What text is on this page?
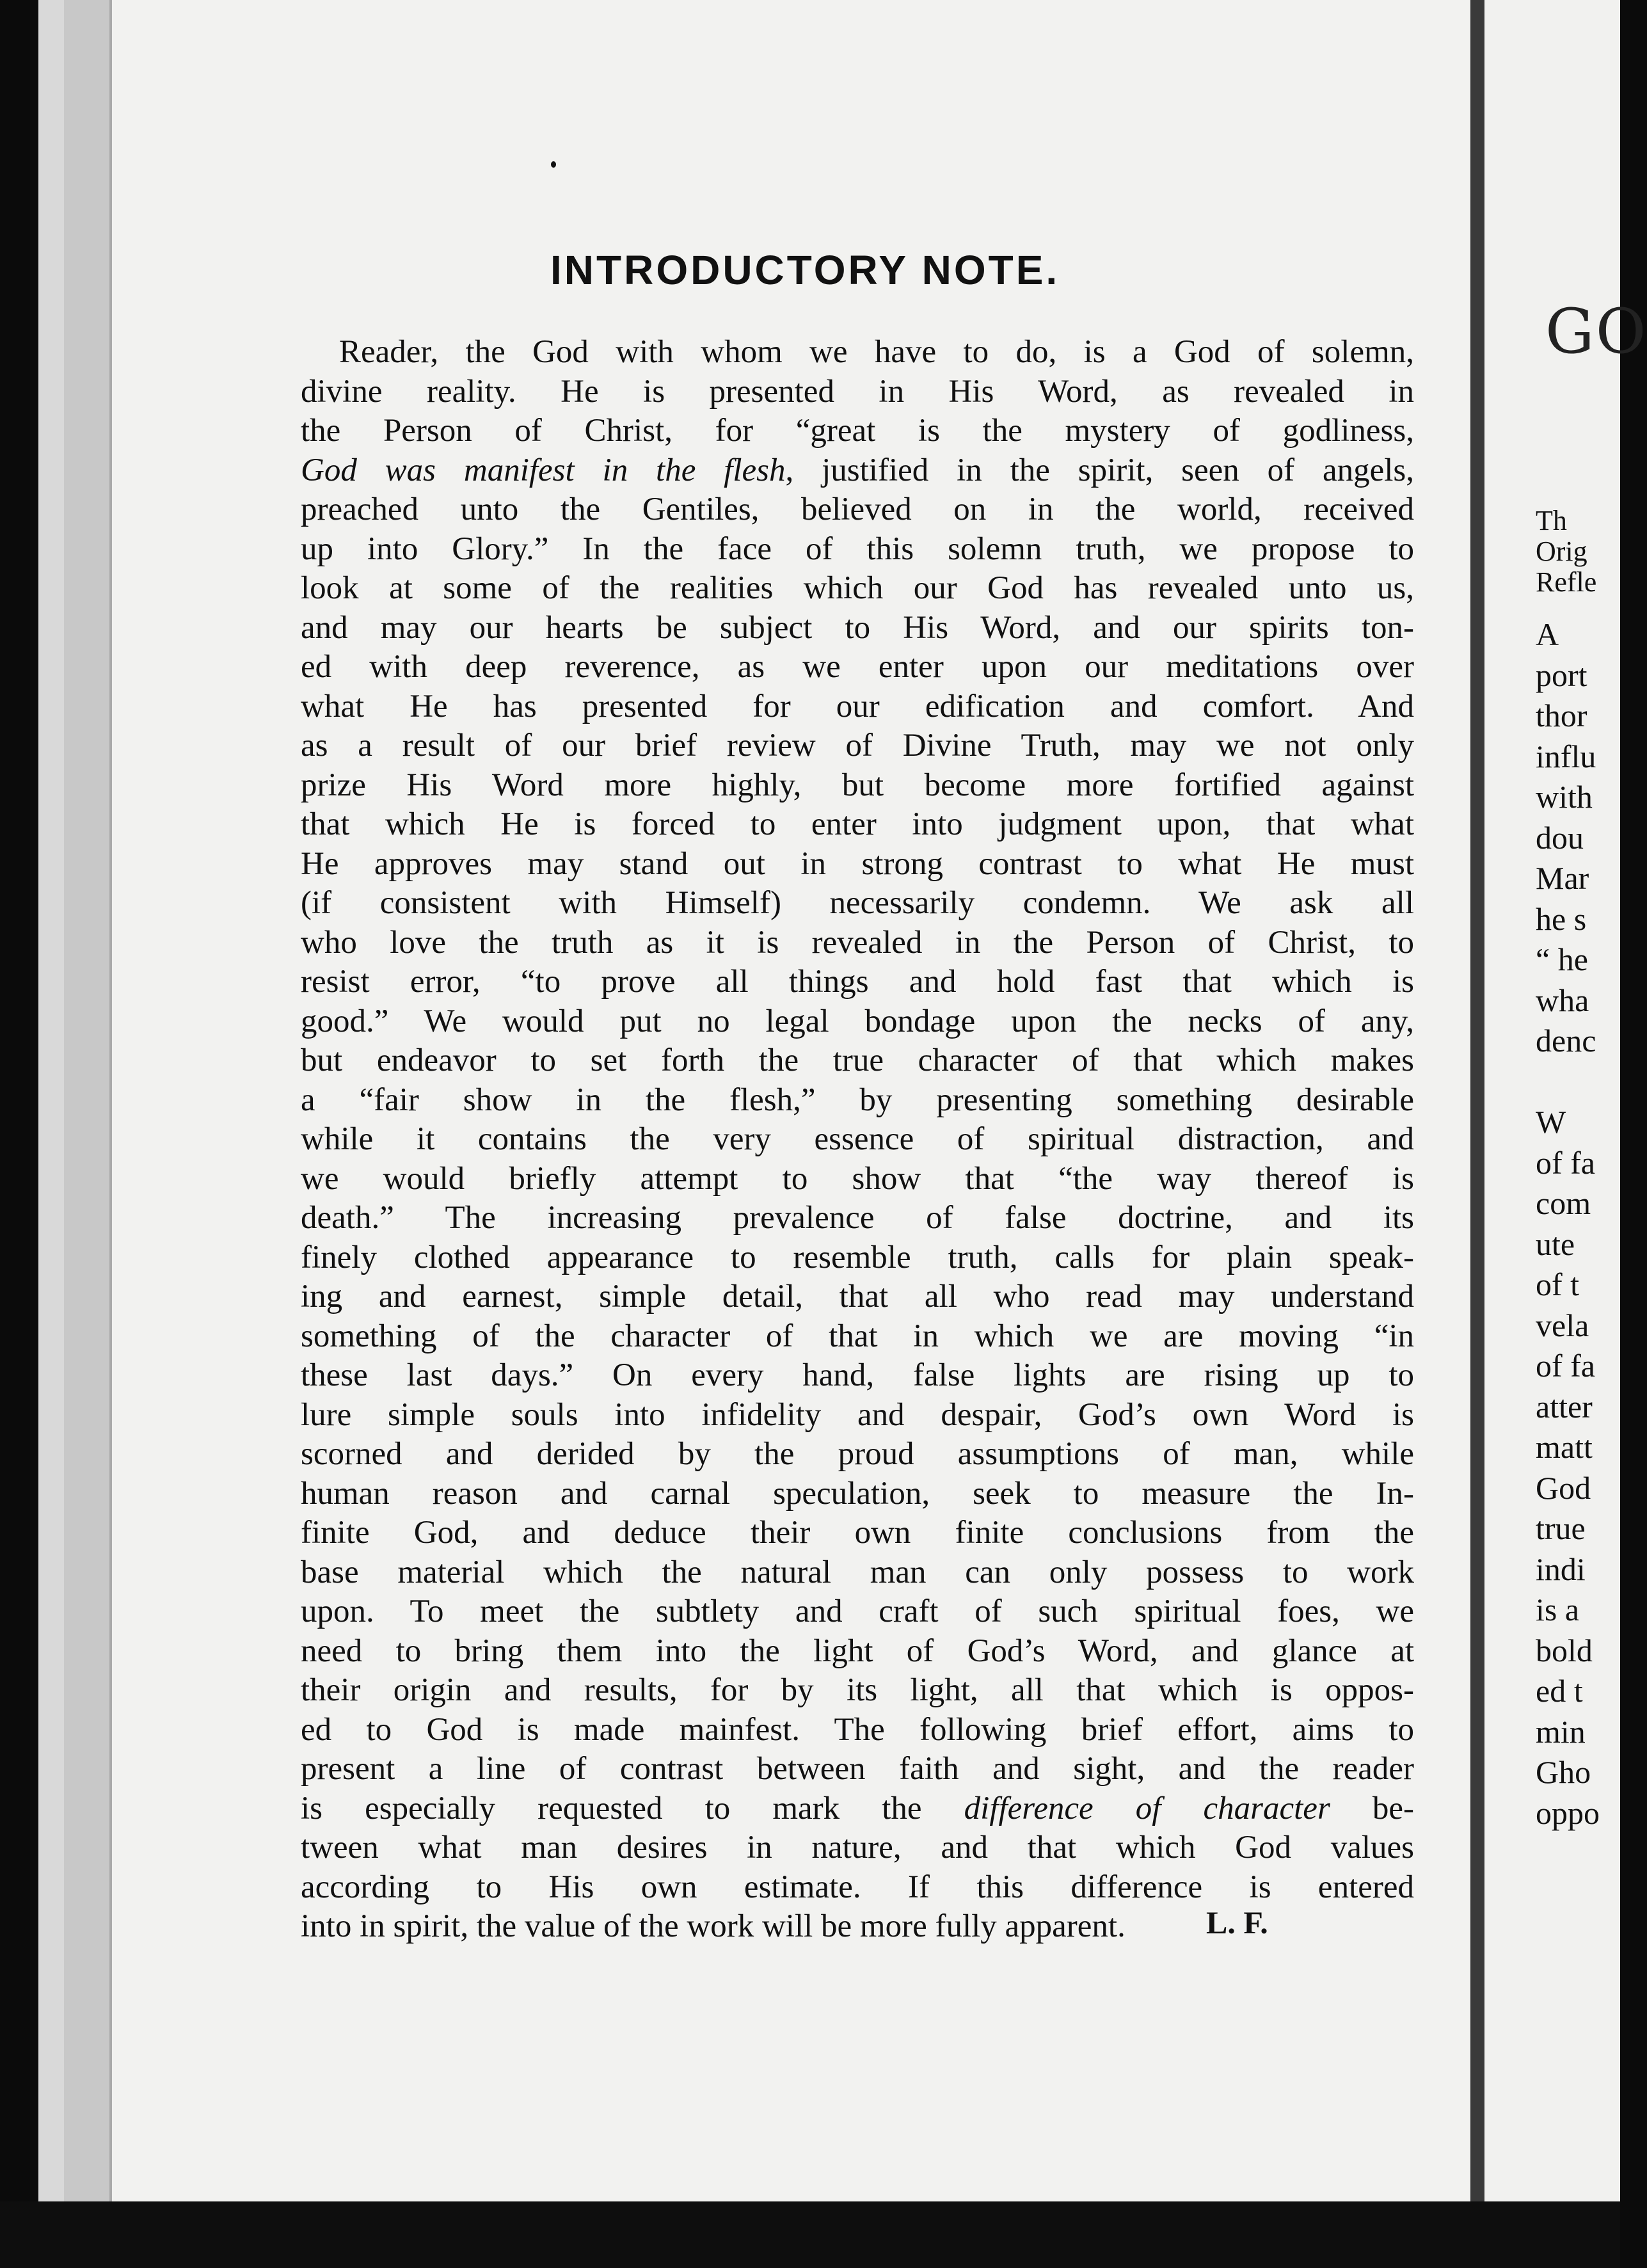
GO
Th
Orig
Refle
A
port
thor
influ
with
dou
Mar
he s
“ he
wha
denc

W
of fa
com
ute
of t
vela
of fa
atter
matt
God
true
indi
is a
bold
ed t
min
Gho
oppo
INTRODUCTORY NOTE.
Reader, the God with whom we have to do, is a God of solemn,
divine reality. He is presented in His Word, as revealed in
the Person of Christ, for “great is the mystery of godliness,
God was manifest in the flesh, justified in the spirit, seen of angels,
preached unto the Gentiles, believed on in the world, received
up into Glory.” In the face of this solemn truth, we propose to
look at some of the realities which our God has revealed unto us,
and may our hearts be subject to His Word, and our spirits ton-
ed with deep reverence, as we enter upon our meditations over
what He has presented for our edification and comfort. And
as a result of our brief review of Divine Truth, may we not only
prize His Word more highly, but become more fortified against
that which He is forced to enter into judgment upon, that what
He approves may stand out in strong contrast to what He must
(if consistent with Himself) necessarily condemn. We ask all
who love the truth as it is revealed in the Person of Christ, to
resist error, “to prove all things and hold fast that which is
good.” We would put no legal bondage upon the necks of any,
but endeavor to set forth the true character of that which makes
a “fair show in the flesh,” by presenting something desirable
while it contains the very essence of spiritual distraction, and
we would briefly attempt to show that “the way thereof is
death.” The increasing prevalence of false doctrine, and its
finely clothed appearance to resemble truth, calls for plain speak-
ing and earnest, simple detail, that all who read may understand
something of the character of that in which we are moving “in
these last days.” On every hand, false lights are rising up to
lure simple souls into infidelity and despair, God’s own Word is
scorned and derided by the proud assumptions of man, while
human reason and carnal speculation, seek to measure the In-
finite God, and deduce their own finite conclusions from the
base material which the natural man can only possess to work
upon. To meet the subtlety and craft of such spiritual foes, we
need to bring them into the light of God’s Word, and glance at
their origin and results, for by its light, all that which is oppos-
ed to God is made mainfest. The following brief effort, aims to
present a line of contrast between faith and sight, and the reader
is especially requested to mark the difference of character be-
tween what man desires in nature, and that which God values
according to His own estimate. If this difference is entered
into in spirit, the value of the work will be more fully apparent.	L. F.
